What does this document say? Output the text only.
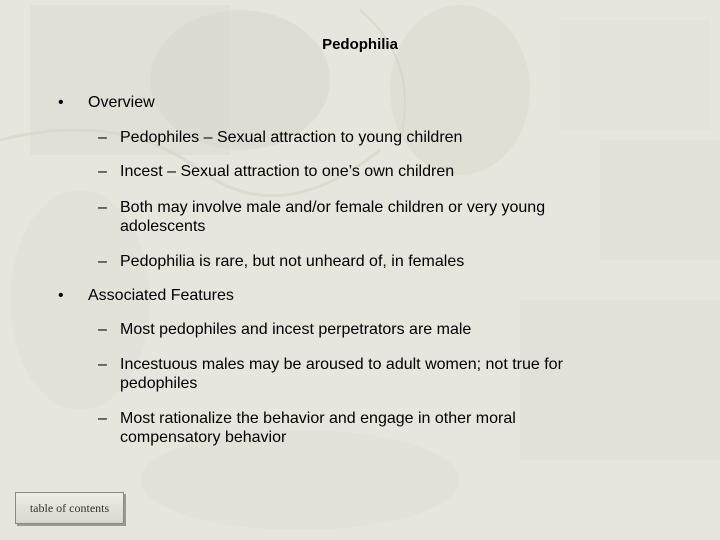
Pedophilia
• Overview
– Pedophiles – Sexual attraction to young children
– Incest – Sexual attraction to one’s own children
– Both may involve male and/or female children or very young adolescents
– Pedophilia is rare, but not unheard of, in females
• Associated Features
– Most pedophiles and incest perpetrators are male
– Incestuous males may be aroused to adult women; not true for pedophiles
– Most rationalize the behavior and engage in other moral compensatory behavior
table of contents
